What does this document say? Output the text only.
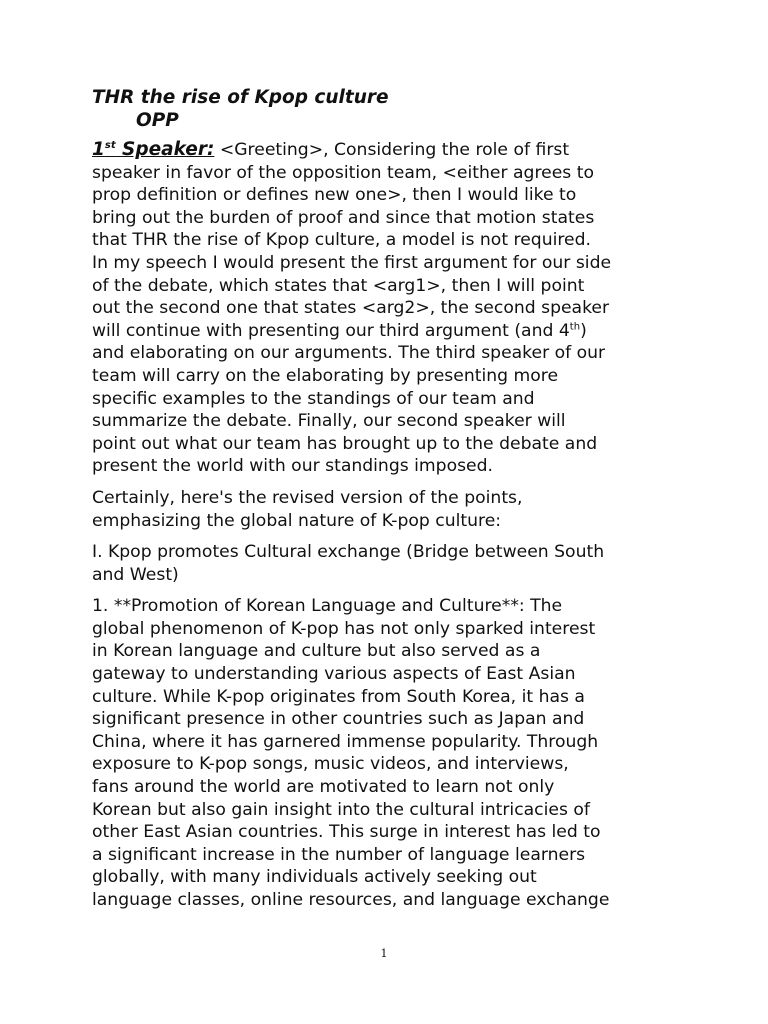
THR the rise of Kpop culture

OPP

1st Speaker: <Greeting>, Considering the role of first
speaker in favor of the opposition team, <either agrees to
prop definition or defines new one>, then I would like to
bring out the burden of proof and since that motion states
that THR the rise of Kpop culture, a model is not required.
In my speech I would present the first argument for our side
of the debate, which states that <arg1>, then I will point
out the second one that states <arg2>, the second speaker
will continue with presenting our third argument (and 4th)
and elaborating on our arguments. The third speaker of our
team will carry on the elaborating by presenting more
specific examples to the standings of our team and
summarize the debate. Finally, our second speaker will
point out what our team has brought up to the debate and
present the world with our standings imposed.

Certainly, here's the revised version of the points,
emphasizing the global nature of K-pop culture:

I. Kpop promotes Cultural exchange (Bridge between South
and West)

1. **Promotion of Korean Language and Culture**: The
global phenomenon of K-pop has not only sparked interest
in Korean language and culture but also served as a
gateway to understanding various aspects of East Asian
culture. While K-pop originates from South Korea, it has a
significant presence in other countries such as Japan and
China, where it has garnered immense popularity. Through
exposure to K-pop songs, music videos, and interviews,
fans around the world are motivated to learn not only
Korean but also gain insight into the cultural intricacies of
other East Asian countries. This surge in interest has led to
a significant increase in the number of language learners
globally, with many individuals actively seeking out
language classes, online resources, and language exchange

1
